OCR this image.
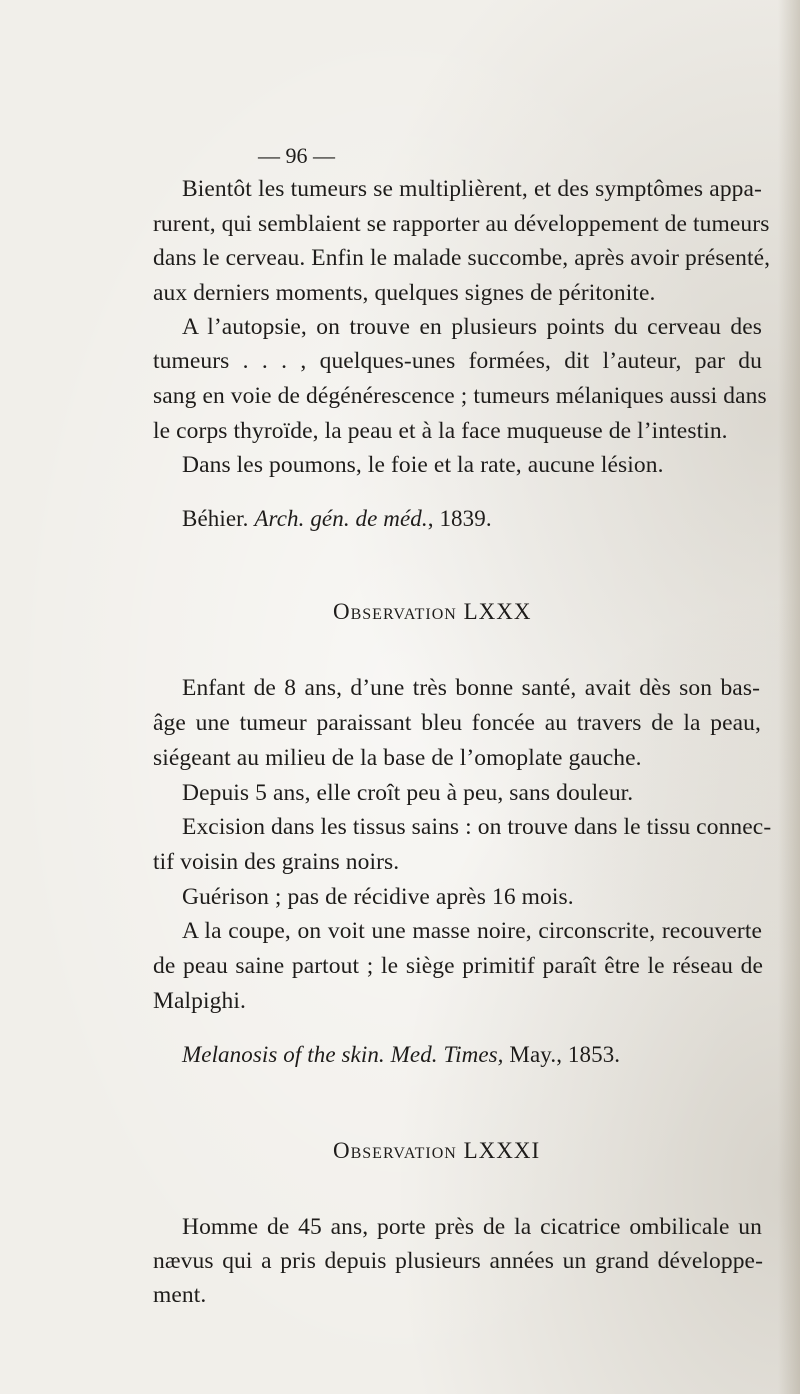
— 96 —
Bientôt les tumeurs se multiplièrent, et des symptômes appa-
rurent, qui semblaient se rapporter au développement de tumeurs
dans le cerveau. Enfin le malade succombe, après avoir présenté,
aux derniers moments, quelques signes de péritonite.
A l’autopsie, on trouve en plusieurs points du cerveau des
tumeurs . . . , quelques-unes formées, dit l’auteur, par du
sang en voie de dégénérescence ; tumeurs mélaniques aussi dans
le corps thyroïde, la peau et à la face muqueuse de l’intestin.
Dans les poumons, le foie et la rate, aucune lésion.
Béhier. Arch. gén. de méd., 1839.
Observation LXXX
Enfant de 8 ans, d’une très bonne santé, avait dès son bas-
âge une tumeur paraissant bleu foncée au travers de la peau,
siégeant au milieu de la base de l’omoplate gauche.
Depuis 5 ans, elle croît peu à peu, sans douleur.
Excision dans les tissus sains : on trouve dans le tissu connec-
tif voisin des grains noirs.
Guérison ; pas de récidive après 16 mois.
A la coupe, on voit une masse noire, circonscrite, recouverte
de peau saine partout ; le siège primitif paraît être le réseau de
Malpighi.
Melanosis of the skin. Med. Times, May., 1853.
Observation LXXXI
Homme de 45 ans, porte près de la cicatrice ombilicale un
nævus qui a pris depuis plusieurs années un grand développe-
ment.
